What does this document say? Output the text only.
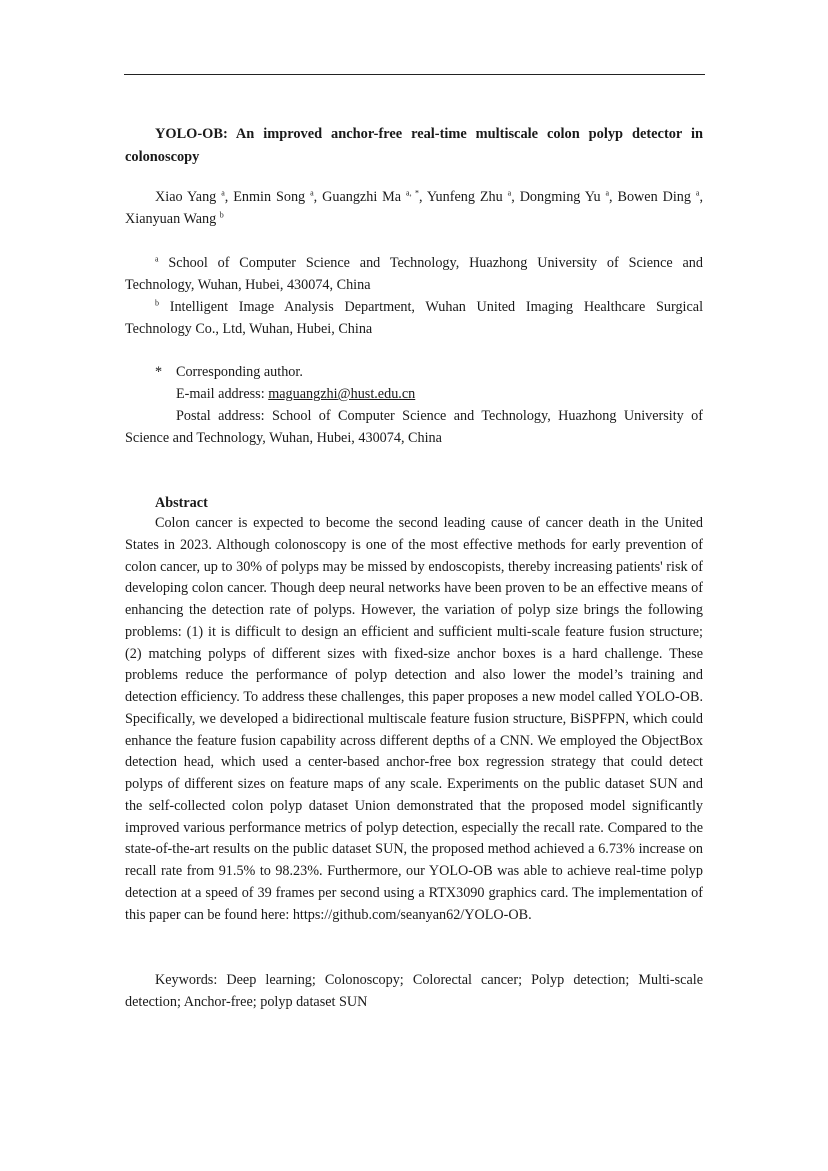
YOLO-OB: An improved anchor-free real-time multiscale colon polyp detector in colonoscopy
Xiao Yang $^a$, Enmin Song $^a$, Guangzhi Ma $^{a, *}$, Yunfeng Zhu $^a$, Dongming Yu $^a$, Bowen Ding $^a$, Xianyuan Wang $^b$
$^a$ School of Computer Science and Technology, Huazhong University of Science and Technology, Wuhan, Hubei, 430074, China
$^b$ Intelligent Image Analysis Department, Wuhan United Imaging Healthcare Surgical Technology Co., Ltd, Wuhan, Hubei, China
* Corresponding author.
E-mail address: maguangzhi@hust.edu.cn
Postal address: School of Computer Science and Technology, Huazhong University of Science and Technology, Wuhan, Hubei, 430074, China
Abstract

Colon cancer is expected to become the second leading cause of cancer death in the United States in 2023. Although colonoscopy is one of the most effective methods for early prevention of colon cancer, up to 30% of polyps may be missed by endoscopists, thereby increasing patients' risk of developing colon cancer. Though deep neural networks have been proven to be an effective means of enhancing the detection rate of polyps. However, the variation of polyp size brings the following problems: (1) it is difficult to design an efficient and sufficient multi-scale feature fusion structure; (2) matching polyps of different sizes with fixed-size anchor boxes is a hard challenge. These problems reduce the performance of polyp detection and also lower the model’s training and detection efficiency. To address these challenges, this paper proposes a new model called YOLO-OB. Specifically, we developed a bidirectional multiscale feature fusion structure, BiSPFPN, which could enhance the feature fusion capability across different depths of a CNN. We employed the ObjectBox detection head, which used a center-based anchor-free box regression strategy that could detect polyps of different sizes on feature maps of any scale. Experiments on the public dataset SUN and the self-collected colon polyp dataset Union demonstrated that the proposed model significantly improved various performance metrics of polyp detection, especially the recall rate. Compared to the state-of-the-art results on the public dataset SUN, the proposed method achieved a 6.73% increase on recall rate from 91.5% to 98.23%. Furthermore, our YOLO-OB was able to achieve real-time polyp detection at a speed of 39 frames per second using a RTX3090 graphics card. The implementation of this paper can be found here: https://github.com/seanyan62/YOLO-OB.

Keywords: Deep learning; Colonoscopy; Colorectal cancer; Polyp detection; Multi-scale detection; Anchor-free; polyp dataset SUN
